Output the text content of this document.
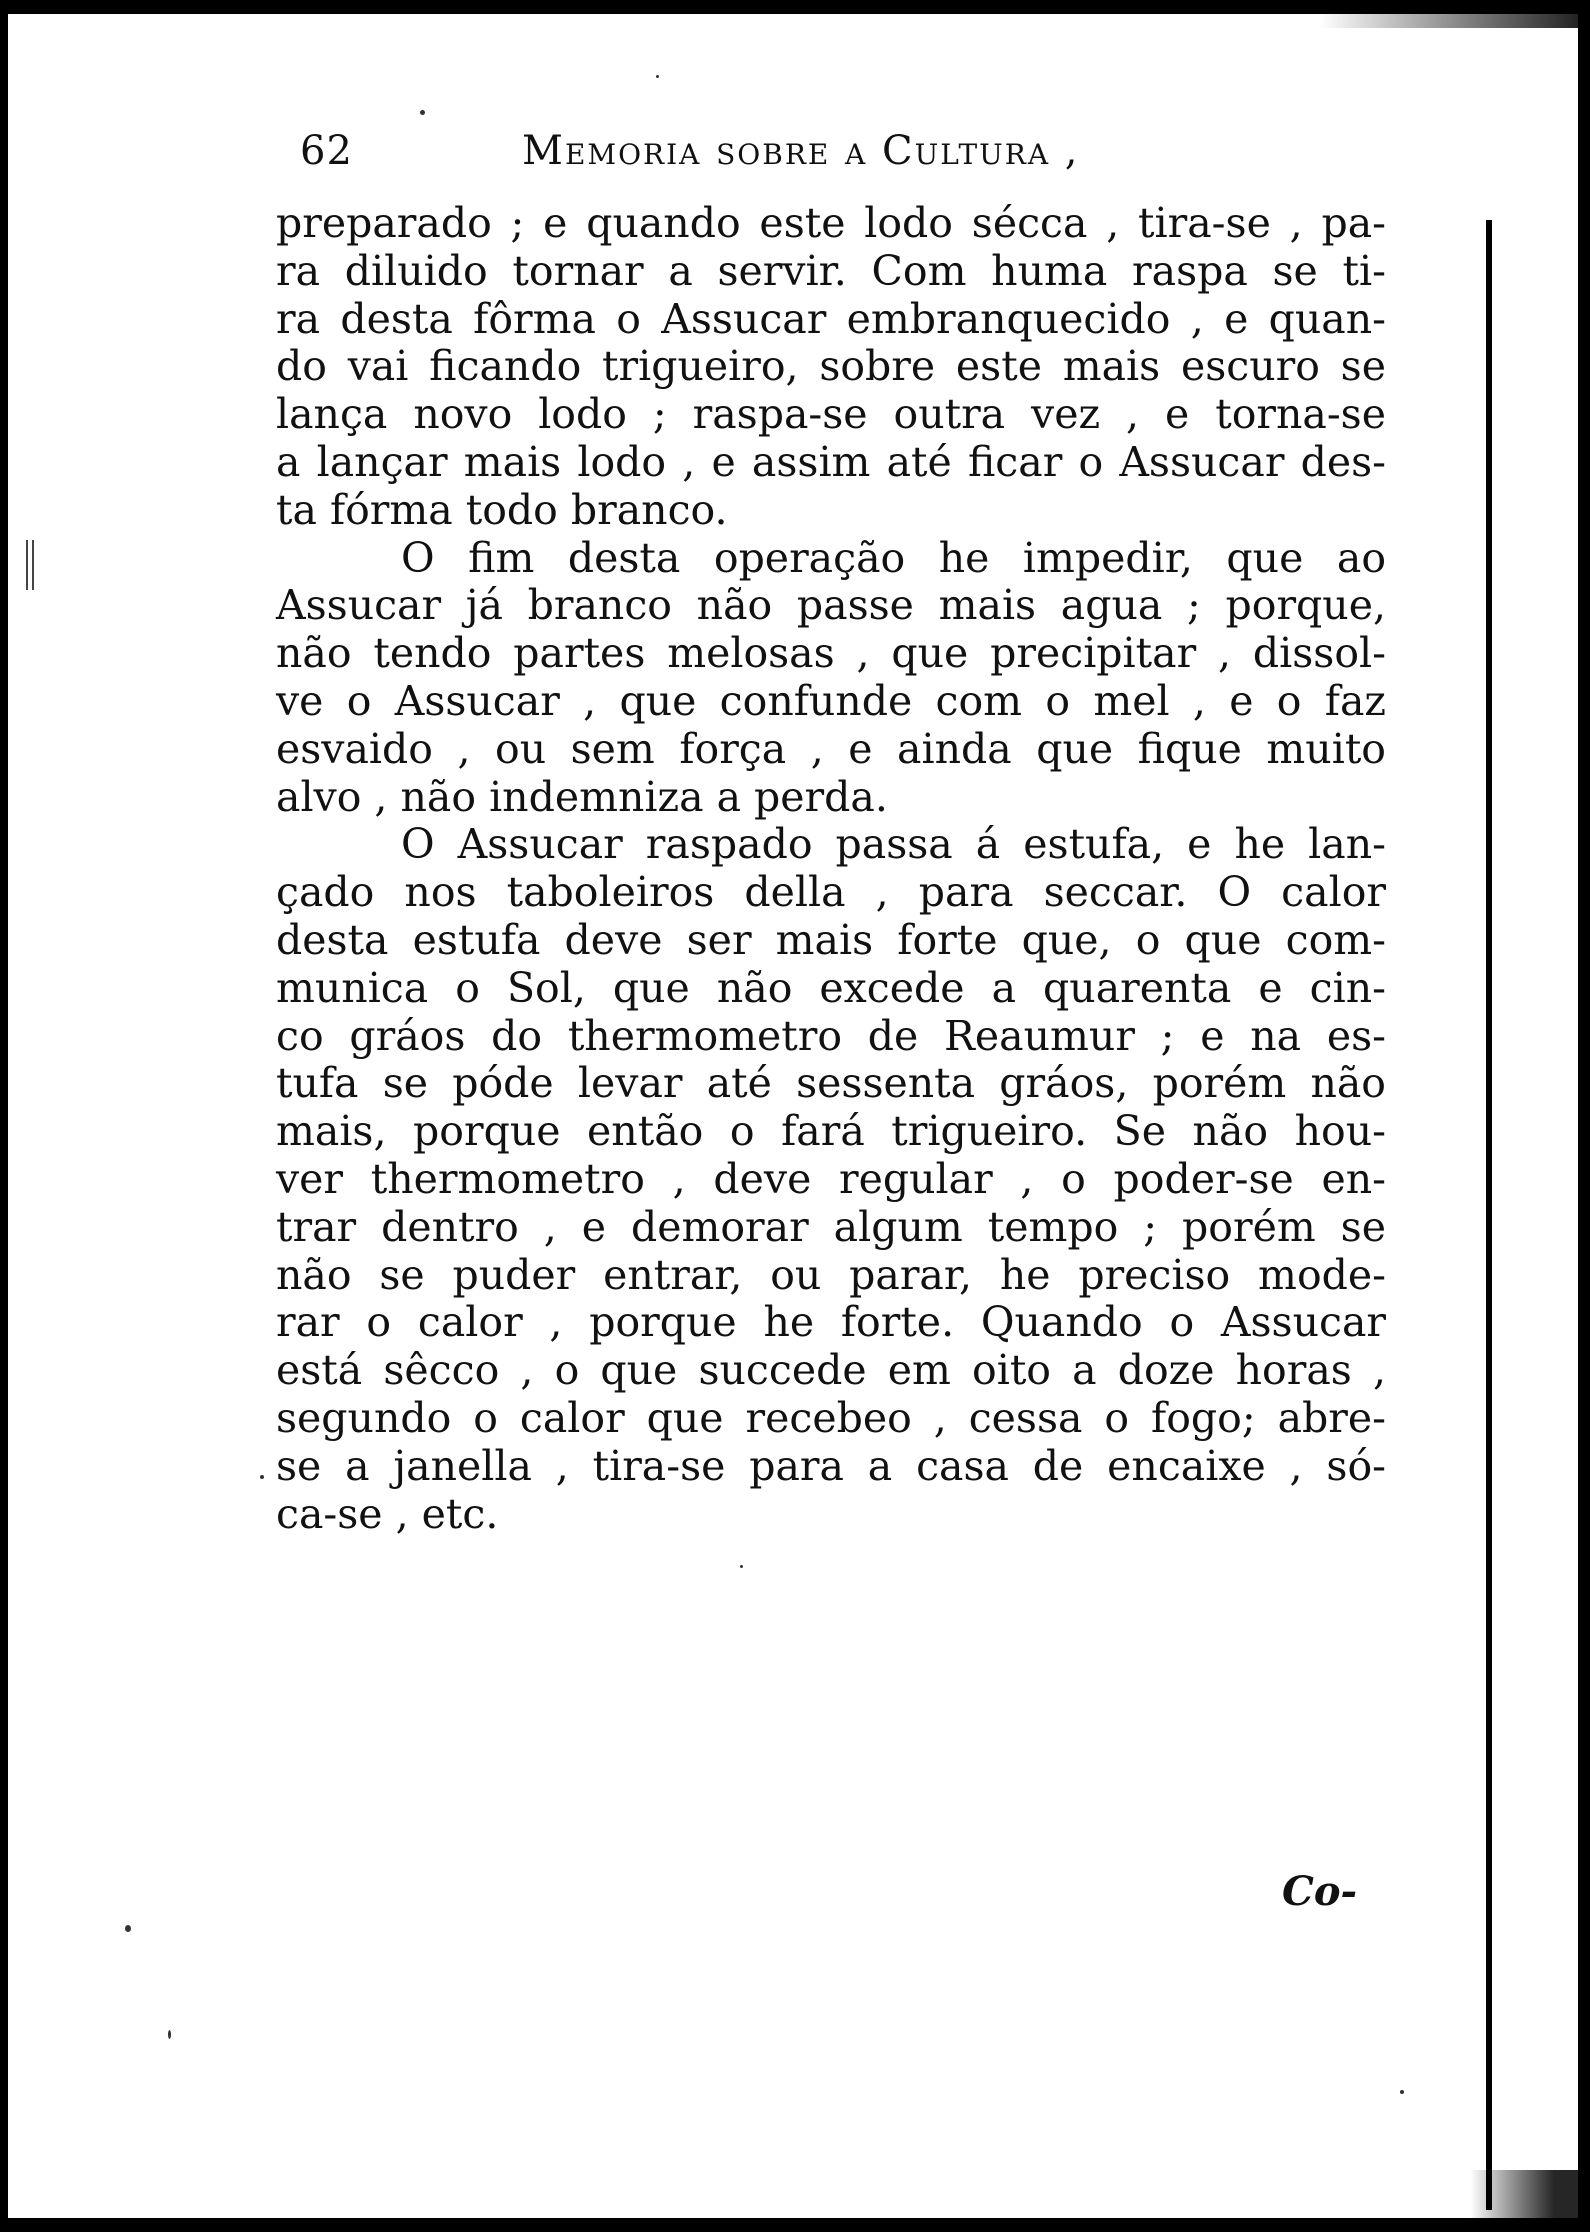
62	Memoria sobre a Cultura ,
preparado ; e quando este lodo sécca , tira-se , pa-
ra diluido tornar a servir. Com huma raspa se ti-
ra desta fôrma o Assucar embranquecido , e quan-
do vai ficando trigueiro, sobre este mais escuro se
lança novo lodo ; raspa-se outra vez , e torna-se
a lançar mais lodo , e assim até ficar o Assucar des-
ta fórma todo branco.
O fim desta operação he impedir, que ao
Assucar já branco não passe mais agua ; porque,
não tendo partes melosas , que precipitar , dissol-
ve o Assucar , que confunde com o mel , e o faz
esvaido , ou sem força , e ainda que fique muito
alvo , não indemniza a perda.
O Assucar raspado passa á estufa, e he lan-
çado nos taboleiros della , para seccar. O calor
desta estufa deve ser mais forte que, o que com-
munica o Sol, que não excede a quarenta e cin-
co gráos do thermometro de Reaumur ; e na es-
tufa se póde levar até sessenta gráos, porém não
mais, porque então o fará trigueiro. Se não hou-
ver thermometro , deve regular , o poder-se en-
trar dentro , e demorar algum tempo ; porém se
não se puder entrar, ou parar, he preciso mode-
rar o calor , porque he forte. Quando o Assucar
está sêcco , o que succede em oito a doze horas ,
segundo o calor que recebeo , cessa o fogo; abre-
se a janella , tira-se para a casa de encaixe , só-
ca-se , etc.
Co-
